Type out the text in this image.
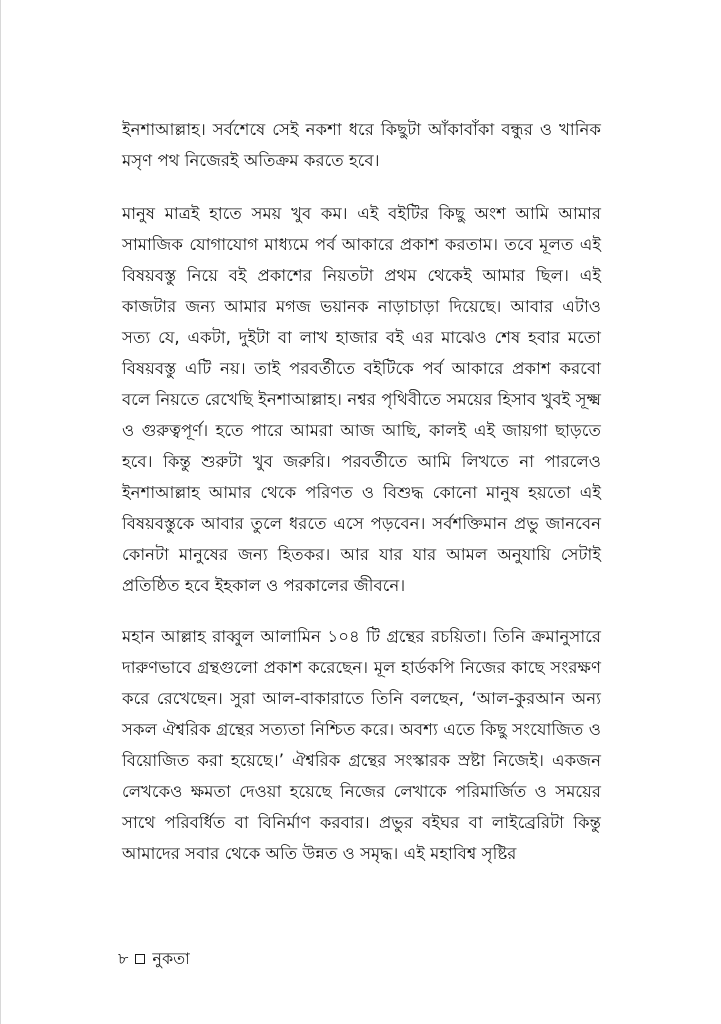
ইনশাআল্লাহ। সর্বশেষে সেই নকশা ধরে কিছুটা আঁকাবাঁকা বন্ধুর ও খানিক মসৃণ পথ নিজেরই অতিক্রম করতে হবে।

মানুষ মাত্রই হাতে সময় খুব কম। এই বইটির কিছু অংশ আমি আমার সামাজিক যোগাযোগ মাধ্যমে পর্ব আকারে প্রকাশ করতাম। তবে মূলত এই বিষয়বস্তু নিয়ে বই প্রকাশের নিয়তটা প্রথম থেকেই আমার ছিল। এই কাজটার জন্য আমার মগজ ভয়ানক নাড়াচাড়া দিয়েছে। আবার এটাও সত্য যে, একটা, দুইটা বা লাখ হাজার বই এর মাঝেও শেষ হবার মতো বিষয়বস্তু এটি নয়। তাই পরবর্তীতে বইটিকে পর্ব আকারে প্রকাশ করবো বলে নিয়তে রেখেছি ইনশাআল্লাহ। নশ্বর পৃথিবীতে সময়ের হিসাব খুবই সূক্ষ্ম ও গুরুত্বপূর্ণ। হতে পারে আমরা আজ আছি, কালই এই জায়গা ছাড়তে হবে। কিন্তু শুরুটা খুব জরুরি। পরবর্তীতে আমি লিখতে না পারলেও ইনশাআল্লাহ আমার থেকে পরিণত ও বিশুদ্ধ কোনো মানুষ হয়তো এই বিষয়বস্তুকে আবার তুলে ধরতে এসে পড়বেন। সর্বশক্তিমান প্রভু জানবেন কোনটা মানুষের জন্য হিতকর। আর যার যার আমল অনুযায়ি সেটাই প্রতিষ্ঠিত হবে ইহকাল ও পরকালের জীবনে।

মহান আল্লাহ রাব্বুল আলামিন ১০৪ টি গ্রন্থের রচয়িতা। তিনি ক্রমানুসারে দারুণভাবে গ্রন্থগুলো প্রকাশ করেছেন। মূল হার্ডকপি নিজের কাছে সংরক্ষণ করে রেখেছেন। সুরা আল-বাকারাতে তিনি বলছেন, ‘আল-কুরআন অন্য সকল ঐশ্বরিক গ্রন্থের সত্যতা নিশ্চিত করে। অবশ্য এতে কিছু সংযোজিত ও বিয়োজিত করা হয়েছে।’ ঐশ্বরিক গ্রন্থের সংস্কারক স্রষ্টা নিজেই। একজন লেখকেও ক্ষমতা দেওয়া হয়েছে নিজের লেখাকে পরিমার্জিত ও সময়ের সাথে পরিবর্ধিত বা বিনির্মাণ করবার। প্রভুর বইঘর বা লাইব্রেরিটা কিন্তু আমাদের সবার থেকে অতি উন্নত ও সমৃদ্ধ। এই মহাবিশ্ব সৃষ্টির

৮ নুকতা
